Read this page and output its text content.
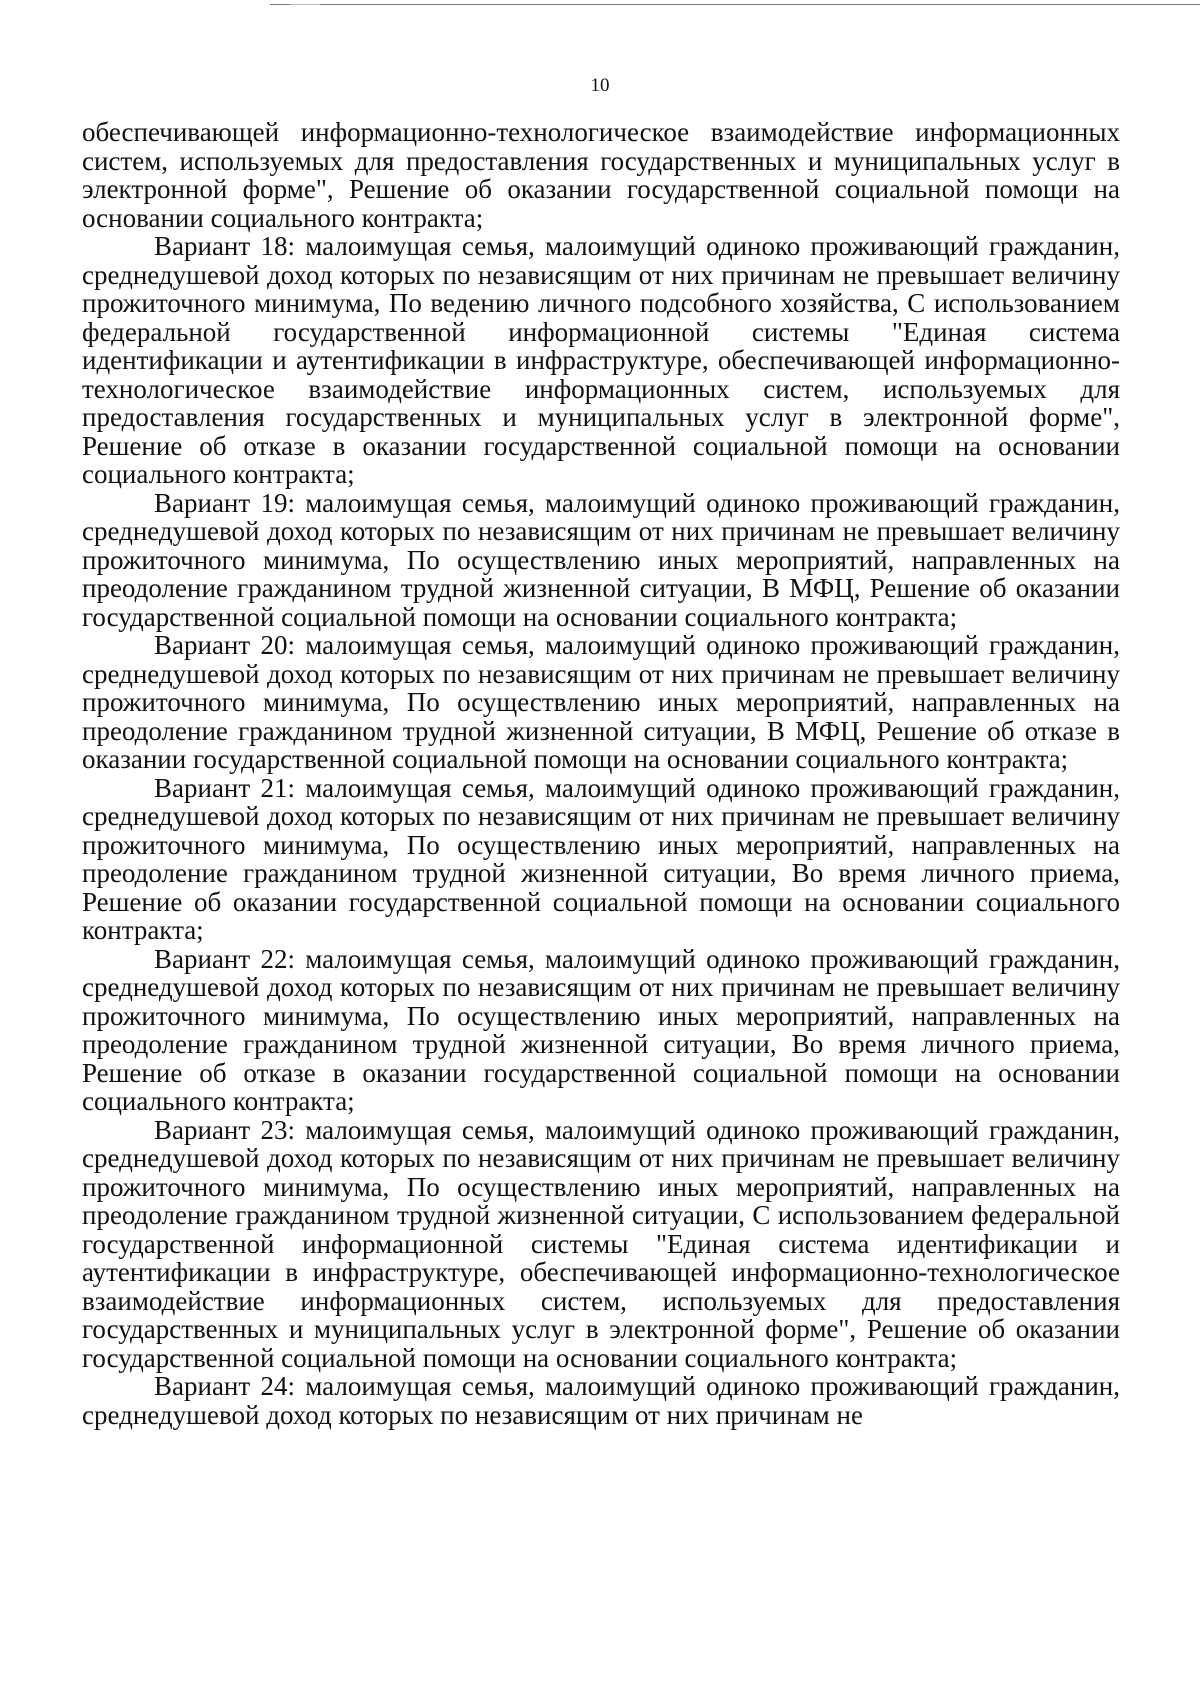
10

обеспечивающей информационно-технологическое взаимодействие информационных систем, используемых для предоставления государственных и муниципальных услуг в электронной форме", Решение об оказании государственной социальной помощи на основании социального контракта;

Вариант 18: малоимущая семья, малоимущий одиноко проживающий гражданин, среднедушевой доход которых по независящим от них причинам не превышает величину прожиточного минимума, По ведению личного подсобного хозяйства, С использованием федеральной государственной информационной системы "Единая система идентификации и аутентификации в инфраструктуре, обеспечивающей информационно-технологическое взаимодействие информационных систем, используемых для предоставления государственных и муниципальных услуг в электронной форме", Решение об отказе в оказании государственной социальной помощи на основании социального контракта;

Вариант 19: малоимущая семья, малоимущий одиноко проживающий гражданин, среднедушевой доход которых по независящим от них причинам не превышает величину прожиточного минимума, По осуществлению иных мероприятий, направленных на преодоление гражданином трудной жизненной ситуации, В МФЦ, Решение об оказании государственной социальной помощи на основании социального контракта;

Вариант 20: малоимущая семья, малоимущий одиноко проживающий гражданин, среднедушевой доход которых по независящим от них причинам не превышает величину прожиточного минимума, По осуществлению иных мероприятий, направленных на преодоление гражданином трудной жизненной ситуации, В МФЦ, Решение об отказе в оказании государственной социальной помощи на основании социального контракта;

Вариант 21: малоимущая семья, малоимущий одиноко проживающий гражданин, среднедушевой доход которых по независящим от них причинам не превышает величину прожиточного минимума, По осуществлению иных мероприятий, направленных на преодоление гражданином трудной жизненной ситуации, Во время личного приема, Решение об оказании государственной социальной помощи на основании социального контракта;

Вариант 22: малоимущая семья, малоимущий одиноко проживающий гражданин, среднедушевой доход которых по независящим от них причинам не превышает величину прожиточного минимума, По осуществлению иных мероприятий, направленных на преодоление гражданином трудной жизненной ситуации, Во время личного приема, Решение об отказе в оказании государственной социальной помощи на основании социального контракта;

Вариант 23: малоимущая семья, малоимущий одиноко проживающий гражданин, среднедушевой доход которых по независящим от них причинам не превышает величину прожиточного минимума, По осуществлению иных мероприятий, направленных на преодоление гражданином трудной жизненной ситуации, С использованием федеральной государственной информационной системы "Единая система идентификации и аутентификации в инфраструктуре, обеспечивающей информационно-технологическое взаимодействие информационных систем, используемых для предоставления государственных и муниципальных услуг в электронной форме", Решение об оказании государственной социальной помощи на основании социального контракта;

Вариант 24: малоимущая семья, малоимущий одиноко проживающий гражданин, среднедушевой доход которых по независящим от них причинам не
